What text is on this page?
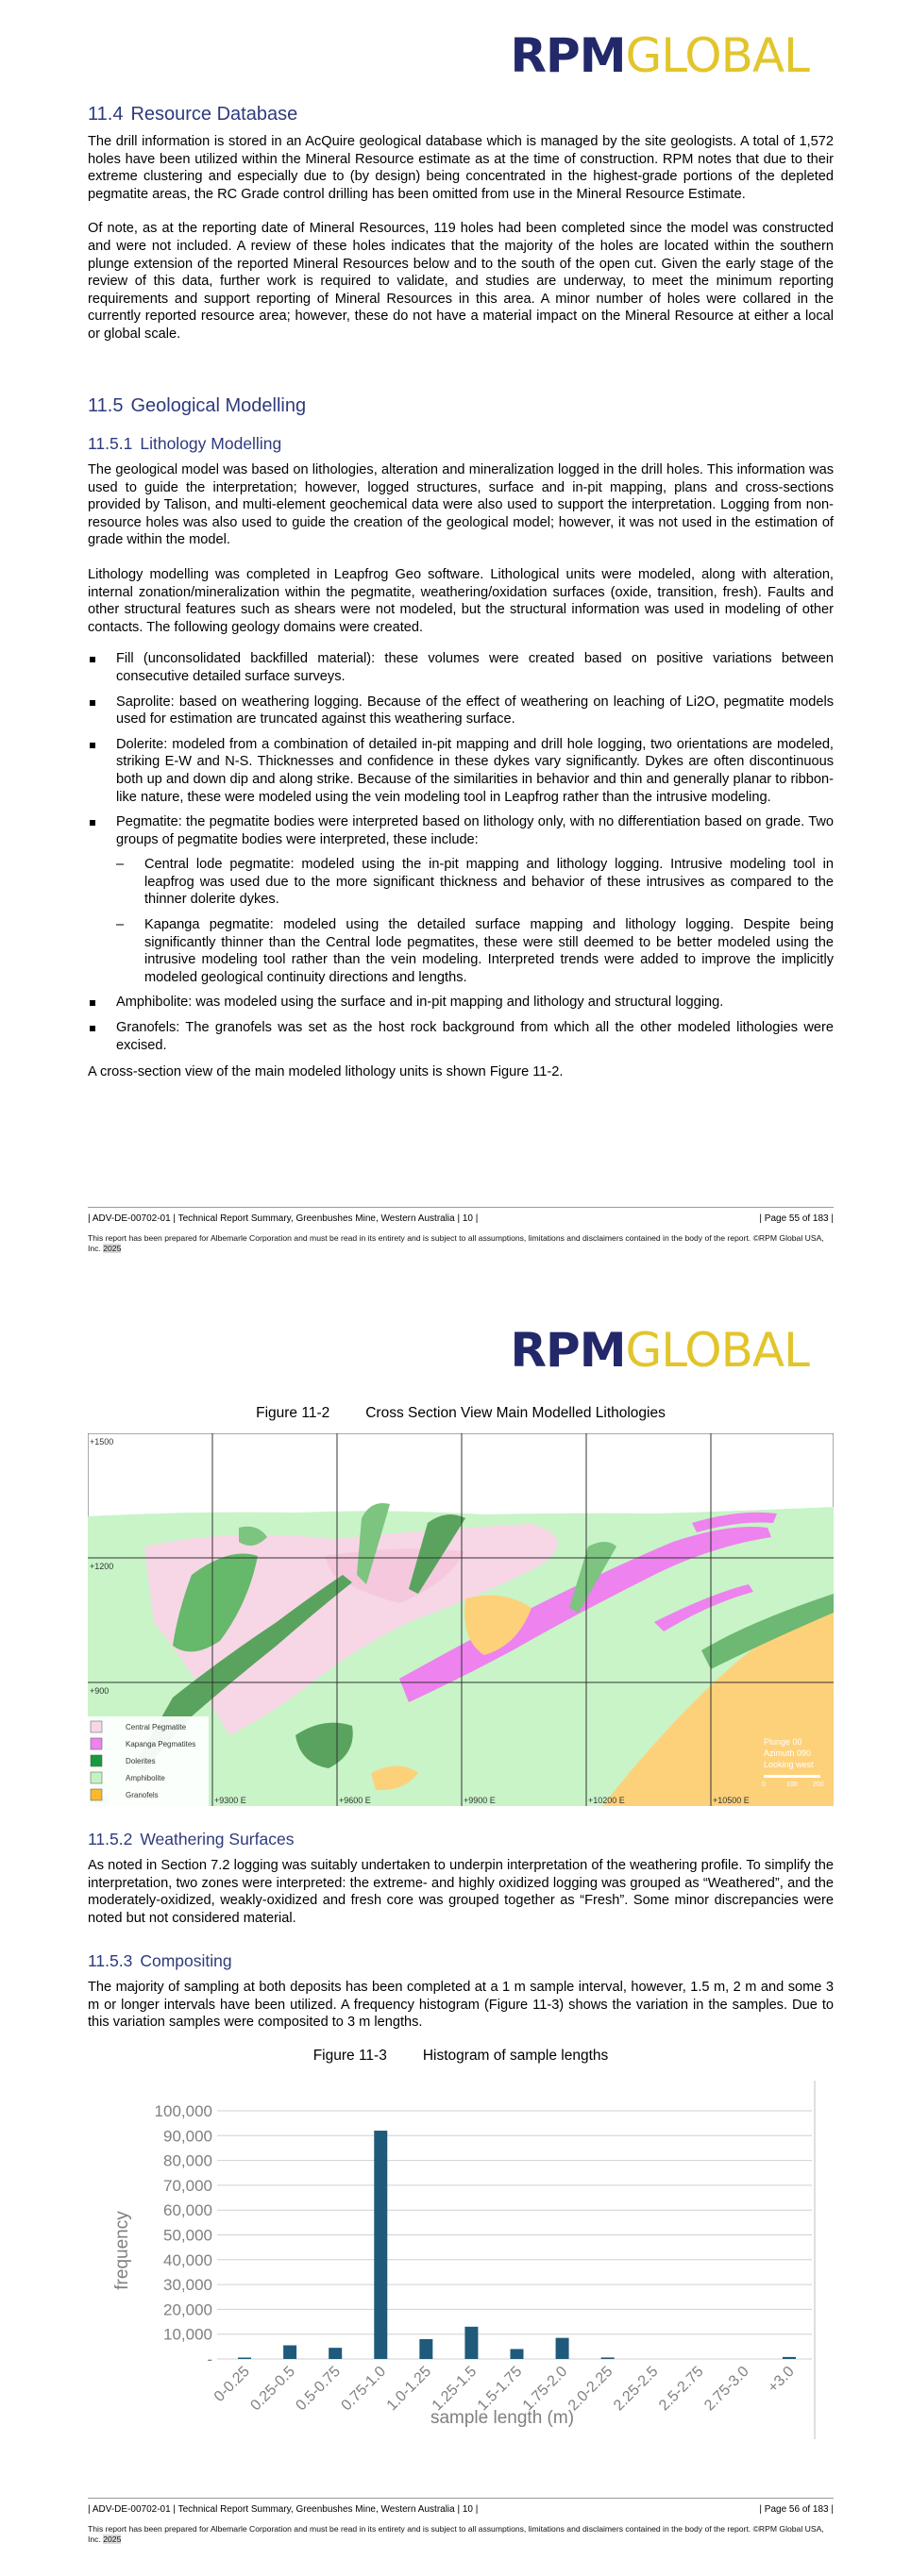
RPMGLOBAL
11.4 Resource Database

The drill information is stored in an AcQuire geological database which is managed by the site geologists. A total of 1,572 holes have been utilized within the Mineral Resource estimate as at the time of construction. RPM notes that due to their extreme clustering and especially due to (by design) being concentrated in the highest-grade portions of the depleted pegmatite areas, the RC Grade control drilling has been omitted from use in the Mineral Resource Estimate.

Of note, as at the reporting date of Mineral Resources, 119 holes had been completed since the model was constructed and were not included. A review of these holes indicates that the majority of the holes are located within the southern plunge extension of the reported Mineral Resources below and to the south of the open cut. Given the early stage of the review of this data, further work is required to validate, and studies are underway, to meet the minimum reporting requirements and support reporting of Mineral Resources in this area. A minor number of holes were collared in the currently reported resource area; however, these do not have a material impact on the Mineral Resource at either a local or global scale.

11.5 Geological Modelling
11.5.1 Lithology Modelling

The geological model was based on lithologies, alteration and mineralization logged in the drill holes. This information was used to guide the interpretation; however, logged structures, surface and in-pit mapping, plans and cross-sections provided by Talison, and multi-element geochemical data were also used to support the interpretation. Logging from non-resource holes was also used to guide the creation of the geological model; however, it was not used in the estimation of grade within the model.

Lithology modelling was completed in Leapfrog Geo software. Lithological units were modeled, along with alteration, internal zonation/mineralization within the pegmatite, weathering/oxidation surfaces (oxide, transition, fresh). Faults and other structural features such as shears were not modeled, but the structural information was used in modeling of other contacts. The following geology domains were created.

Fill (unconsolidated backfilled material): these volumes were created based on positive variations between consecutive detailed surface surveys.
Saprolite: based on weathering logging. Because of the effect of weathering on leaching of Li2O, pegmatite models used for estimation are truncated against this weathering surface.
Dolerite: modeled from a combination of detailed in-pit mapping and drill hole logging, two orientations are modeled, striking E-W and N-S. Thicknesses and confidence in these dykes vary significantly. Dykes are often discontinuous both up and down dip and along strike. Because of the similarities in behavior and thin and generally planar to ribbon-like nature, these were modeled using the vein modeling tool in Leapfrog rather than the intrusive modeling.
Pegmatite: the pegmatite bodies were interpreted based on lithology only, with no differentiation based on grade. Two groups of pegmatite bodies were interpreted, these include:
– Central lode pegmatite: modeled using the in-pit mapping and lithology logging. Intrusive modeling tool in leapfrog was used due to the more significant thickness and behavior of these intrusives as compared to the thinner dolerite dykes.
– Kapanga pegmatite: modeled using the detailed surface mapping and lithology logging. Despite being significantly thinner than the Central lode pegmatites, these were still deemed to be better modeled using the intrusive modeling tool rather than the vein modeling. Interpreted trends were added to improve the implicitly modeled geological continuity directions and lengths.
Amphibolite: was modeled using the surface and in-pit mapping and lithology and structural logging.
Granofels: The granofels was set as the host rock background from which all the other modeled lithologies were excised.

A cross-section view of the main modeled lithology units is shown Figure 11-2.

| ADV-DE-00702-01 | Technical Report Summary, Greenbushes Mine, Western Australia | 10 |	| Page 55 of 183 |
This report has been prepared for Albemarle Corporation and must be read in its entirety and is subject to all assumptions, limitations and disclaimers contained in the body of the report. ©RPM Global USA, Inc. 2025
RPMGLOBAL
Figure 11-2 Cross Section View Main Modelled Lithologies
+1500
+1200
+900
+9300 E	+9600 E	+9900 E	+10200 E	+10500 E
Plunge 00
Azimuth 090
Looking west
0	100 200
Central Pegmatite
Kapanga Pegmatites
Dolerites
Amphibolite
Granofels
11.5.2 Weathering Surfaces

As noted in Section 7.2 logging was suitably undertaken to underpin interpretation of the weathering profile. To simplify the interpretation, two zones were interpreted: the extreme- and highly oxidized logging was grouped as “Weathered”, and the moderately-oxidized, weakly-oxidized and fresh core was grouped together as “Fresh”. Some minor discrepancies were noted but not considered material.

11.5.3 Compositing

The majority of sampling at both deposits has been completed at a 1 m sample interval, however, 1.5 m, 2 m and some 3 m or longer intervals have been utilized. A frequency histogram (Figure 11-3) shows the variation in the samples. Due to this variation samples were composited to 3 m lengths.

Figure 11-3 Histogram of sample lengths
-
10,000
20,000
30,000
40,000
50,000
60,000
70,000
80,000
90,000
100,000
0-0.25
0.25-0.5
0.5-0.75
0.75-1.0
1.0-1.25
1.25-1.5
1.5-1.75
1.75-2.0
2.0-2.25
2.25-2.5
2.5-2.75
2.75-3.0 +3.0
frequency
sample length (m)
| ADV-DE-00702-01 | Technical Report Summary, Greenbushes Mine, Western Australia | 10 |	| Page 56 of 183 |
This report has been prepared for Albemarle Corporation and must be read in its entirety and is subject to all assumptions, limitations and disclaimers contained in the body of the report. ©RPM Global USA, Inc. 2025
